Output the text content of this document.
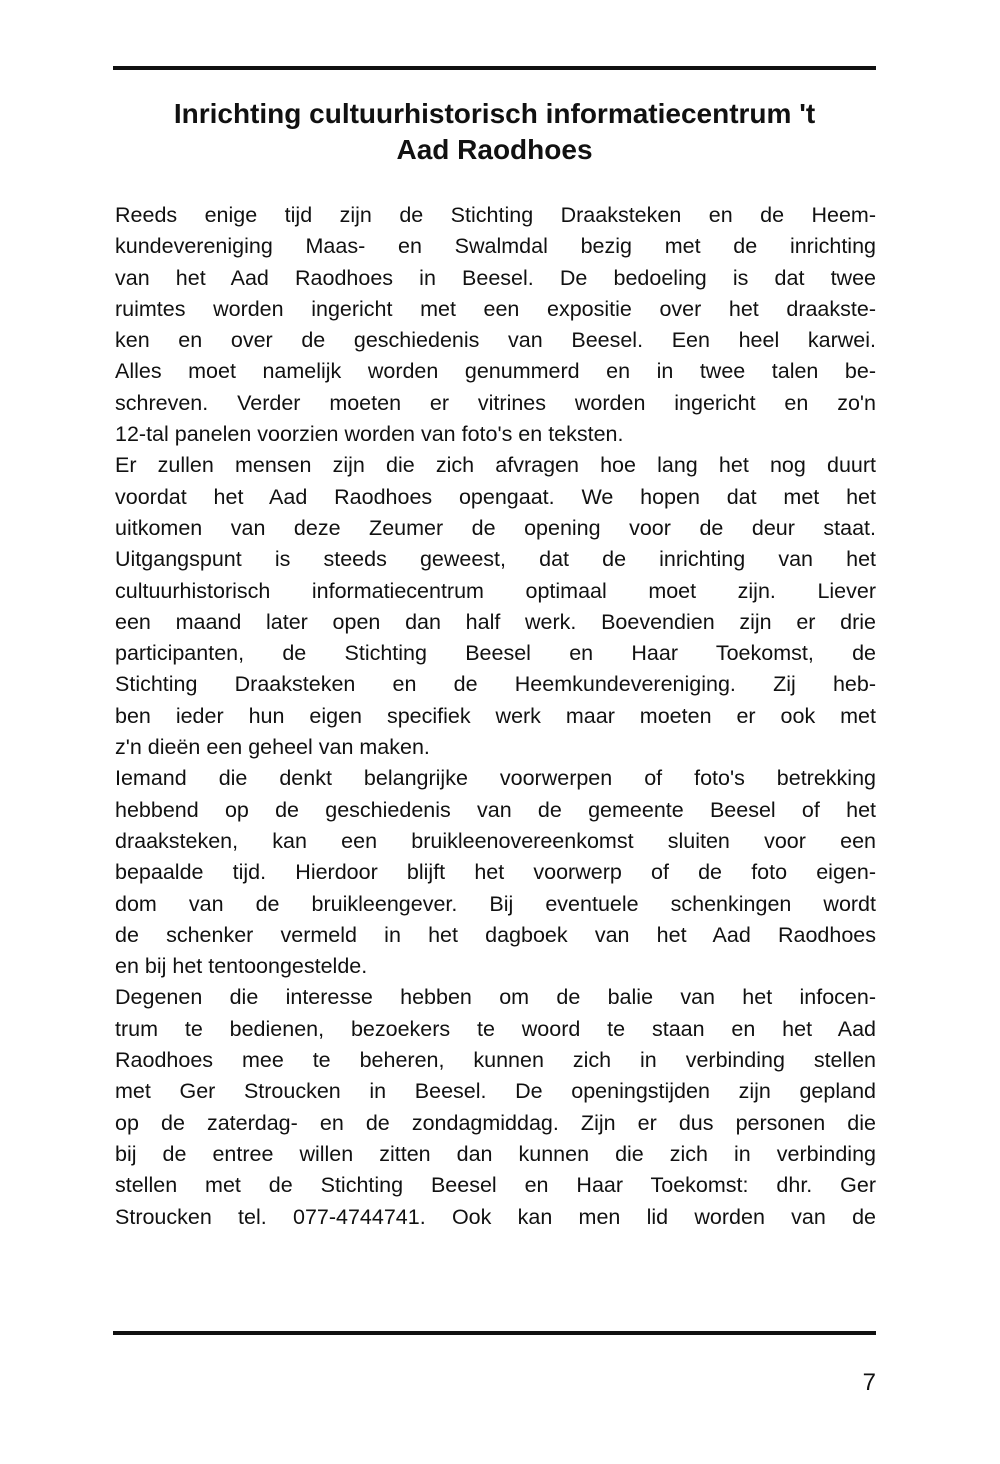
Inrichting cultuurhistorisch informatiecentrum 't
Aad Raodhoes
Reeds enige tijd zijn de Stichting Draaksteken en de Heem-
kundevereniging Maas- en Swalmdal bezig met de inrichting
van het Aad Raodhoes in Beesel. De bedoeling is dat twee
ruimtes worden ingericht met een expositie over het draakste-
ken en over de geschiedenis van Beesel. Een heel karwei.
Alles moet namelijk worden genummerd en in twee talen be-
schreven. Verder moeten er vitrines worden ingericht en zo'n
12-tal panelen voorzien worden van foto's en teksten.
Er zullen mensen zijn die zich afvragen hoe lang het nog duurt
voordat het Aad Raodhoes opengaat. We hopen dat met het
uitkomen van deze Zeumer de opening voor de deur staat.
Uitgangspunt is steeds geweest, dat de inrichting van het
cultuurhistorisch informatiecentrum optimaal moet zijn. Liever
een maand later open dan half werk. Boevendien zijn er drie
participanten, de Stichting Beesel en Haar Toekomst, de
Stichting Draaksteken en de Heemkundevereniging. Zij heb-
ben ieder hun eigen specifiek werk maar moeten er ook met
z'n dieën een geheel van maken.
Iemand die denkt belangrijke voorwerpen of foto's betrekking
hebbend op de geschiedenis van de gemeente Beesel of het
draaksteken, kan een bruikleenovereenkomst sluiten voor een
bepaalde tijd. Hierdoor blijft het voorwerp of de foto eigen-
dom van de bruikleengever. Bij eventuele schenkingen wordt
de schenker vermeld in het dagboek van het Aad Raodhoes
en bij het tentoongestelde.
Degenen die interesse hebben om de balie van het infocen-
trum te bedienen, bezoekers te woord te staan en het Aad
Raodhoes mee te beheren, kunnen zich in verbinding stellen
met Ger Stroucken in Beesel. De openingstijden zijn gepland
op de zaterdag- en de zondagmiddag. Zijn er dus personen die
bij de entree willen zitten dan kunnen die zich in verbinding
stellen met de Stichting Beesel en Haar Toekomst: dhr. Ger
Stroucken tel. 077-4744741. Ook kan men lid worden van de
7
